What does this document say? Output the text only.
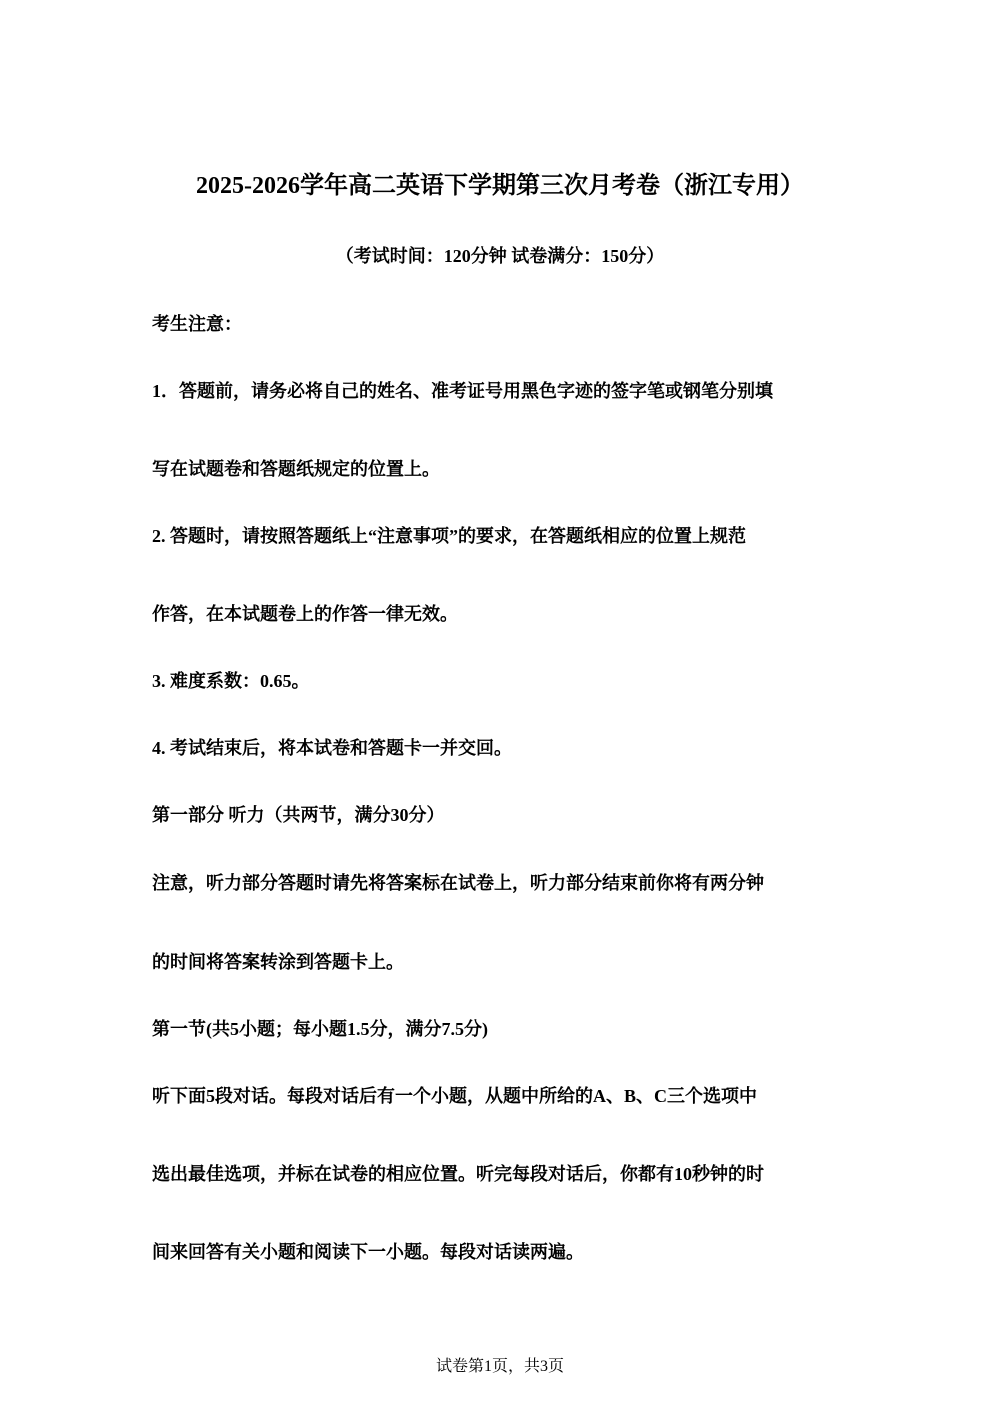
2025-2026学年高二英语下学期第三次月考卷（浙江专用）
（考试时间：120分钟 试卷满分：150分）
考生注意：
1．答题前，请务必将自己的姓名、准考证号用黑色字迹的签字笔或钢笔分别填
写在试题卷和答题纸规定的位置上。
2. 答题时，请按照答题纸上“注意事项”的要求，在答题纸相应的位置上规范
作答，在本试题卷上的作答一律无效。
3. 难度系数：0.65。
4. 考试结束后，将本试卷和答题卡一并交回。
第一部分 听力（共两节，满分30分）
注意，听力部分答题时请先将答案标在试卷上，听力部分结束前你将有两分钟
的时间将答案转涂到答题卡上。
第一节(共5小题；每小题1.5分，满分7.5分)
听下面5段对话。每段对话后有一个小题，从题中所给的A、B、C三个选项中
选出最佳选项，并标在试卷的相应位置。听完每段对话后，你都有10秒钟的时
间来回答有关小题和阅读下一小题。每段对话读两遍。
试卷第1页，共3页
